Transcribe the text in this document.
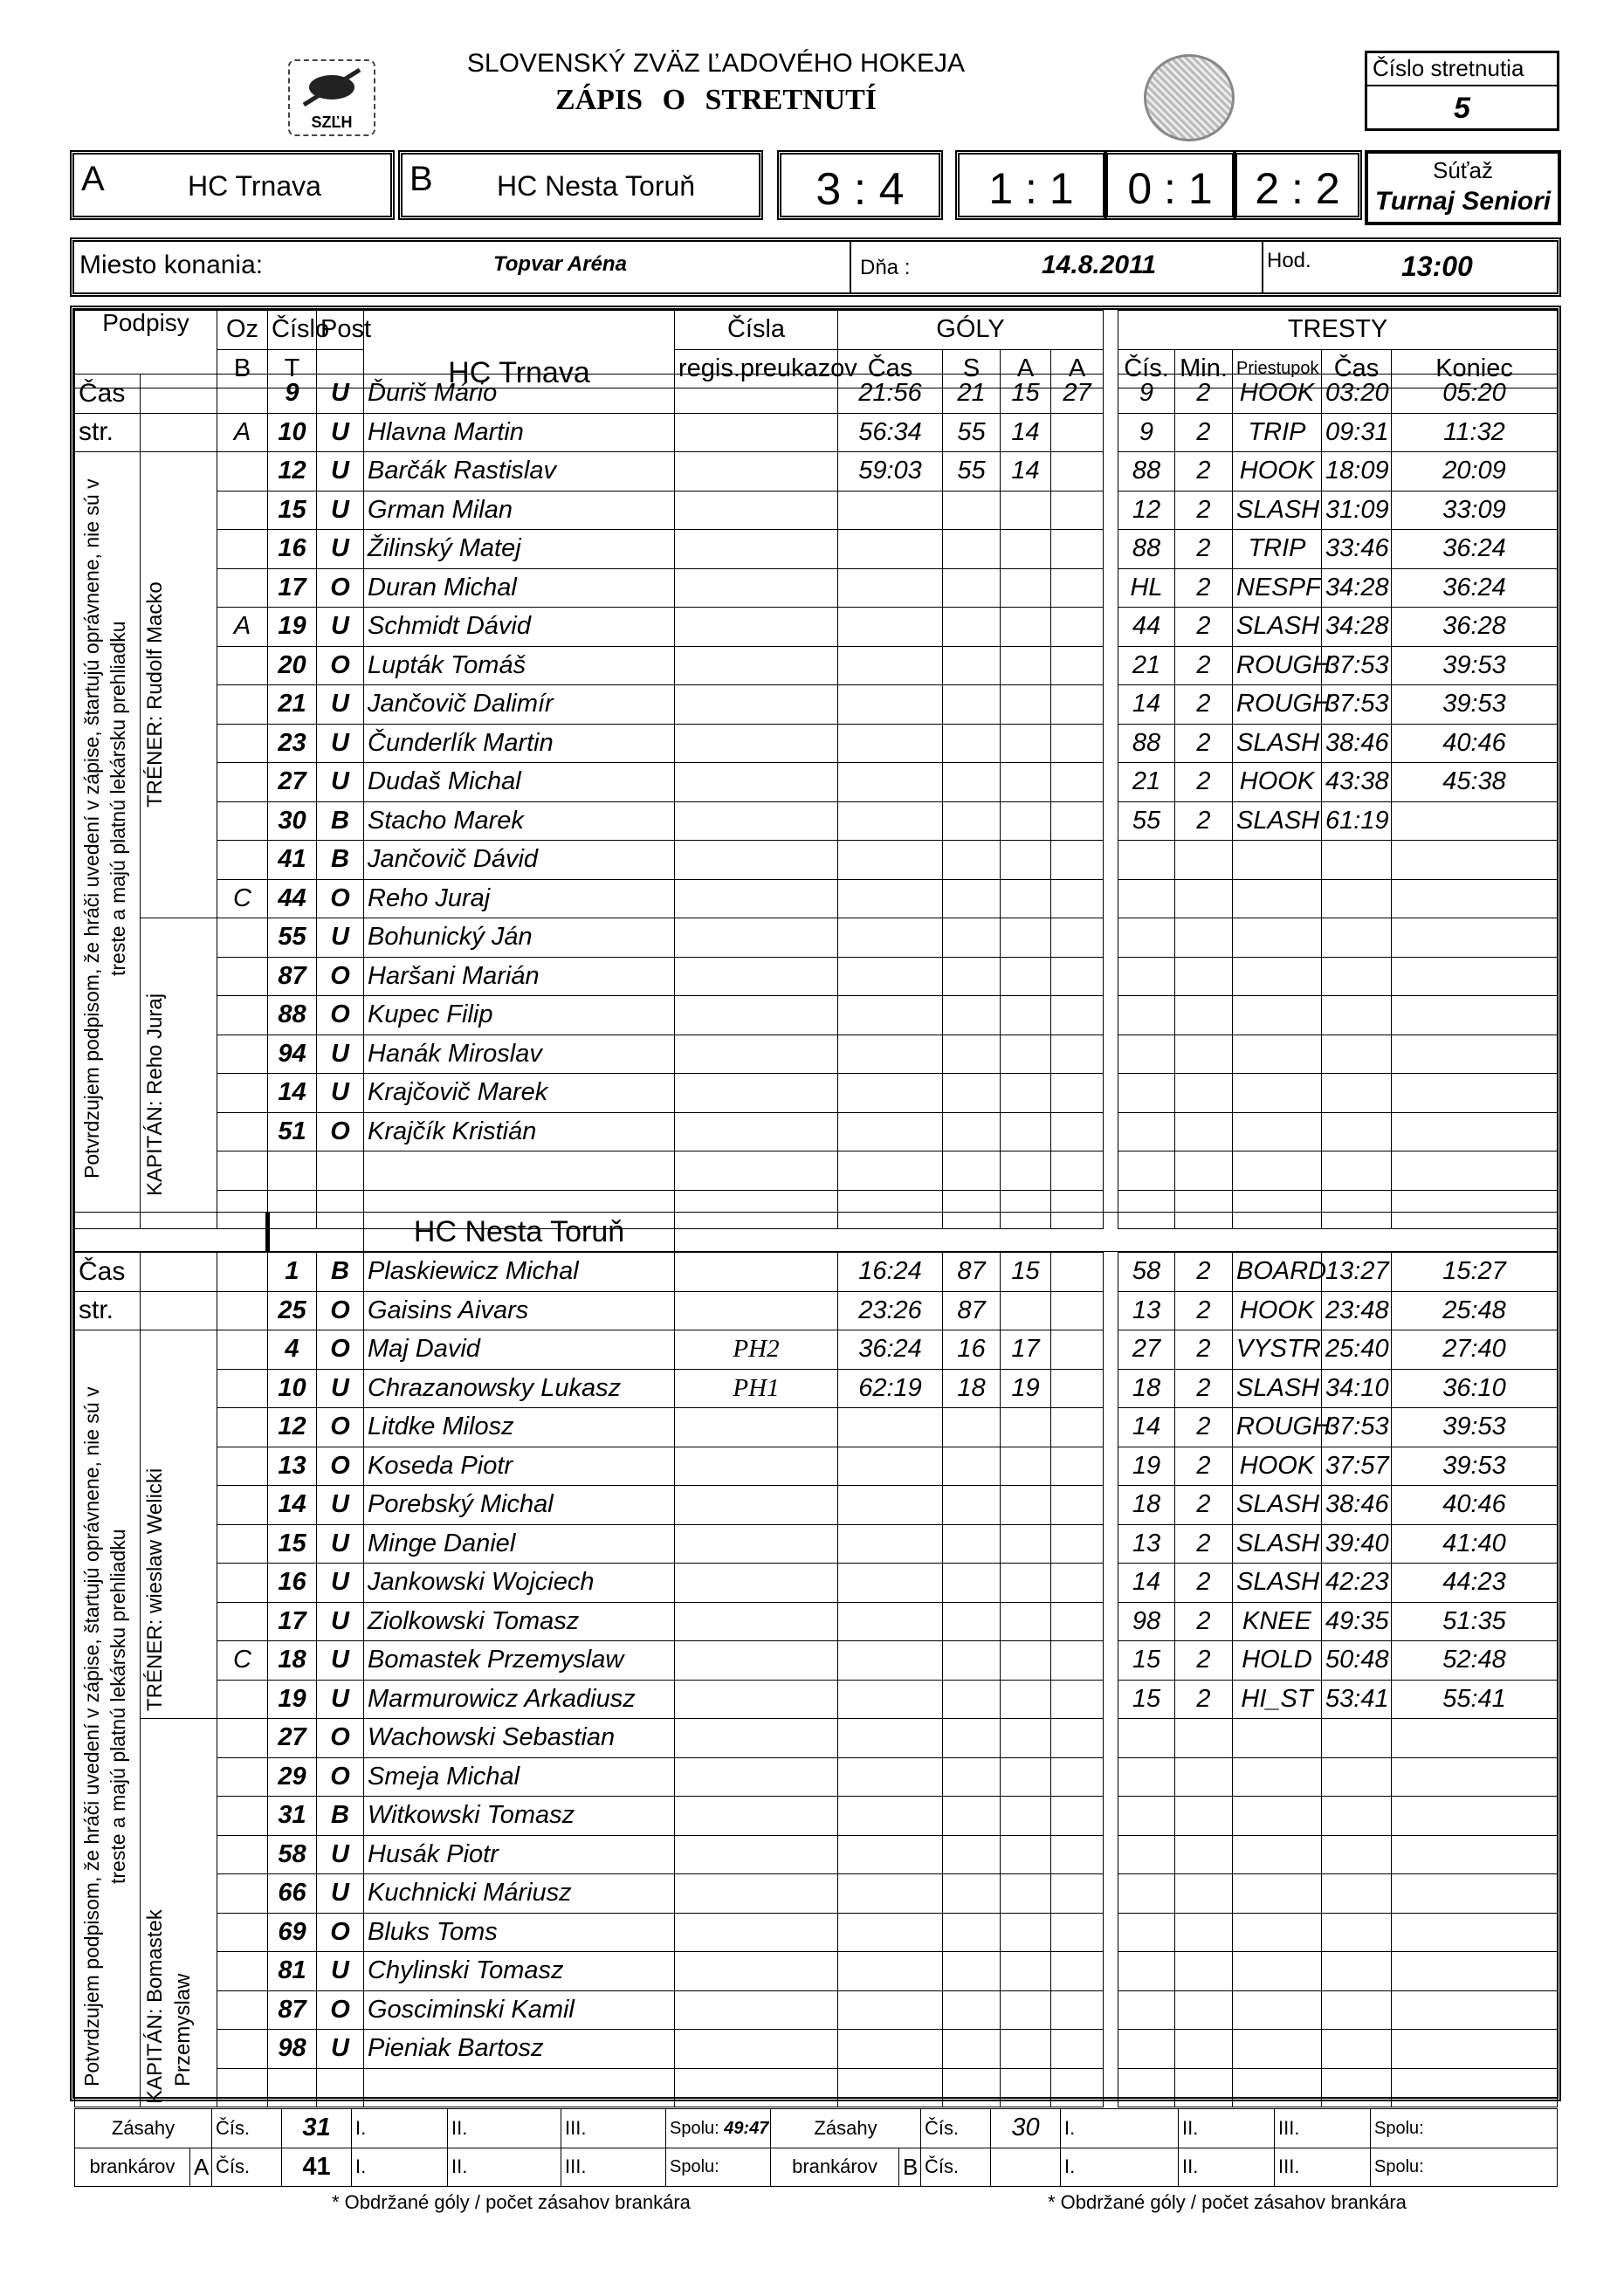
SZĽH
SLOVENSKÝ ZVÄZ ĽADOVÉHO HOKEJA
ZÁPIS O STRETNUTÍ
Číslo stretnutia
5
A	HC Trnava	B HC Nesta Toruň	3 : 4	1 : 1	0 : 1 2 : 2	Súťaž
Turnaj Seniori
Miesto konania:	Topvar Aréna	Dňa :	14.8.2011	Hod.	13:00
Podpisy	Oz	Číslo	Post	HC Trnava	Čísla	GÓLY					TRESTY				
	B	T			regis.preukazov	Čas	S	A	A		Čís.	Min.	Priestupok	Čas	Koniec
Čas			9	U	Ďuriš Mário		21:56	21	15	27		9	2	HOOK	03:20	05:20
str.		A	10	U	Hlavna Martin		56:34	55	14			9	2	TRIP	09:31	11:32
			12	U	Barčák Rastislav		59:03	55	14			88	2	HOOK	18:09	20:09
			15	U	Grman Milan							12	2	SLASH	31:09	33:09
			16	U	Žilinský Matej							88	2	TRIP	33:46	36:24
			17	O	Duran Michal							HL	2	NESPF	34:28	36:24
		A	19	U	Schmidt Dávid							44	2	SLASH	34:28	36:28
			20	O	Lupták Tomáš							21	2	ROUGH	37:53	39:53
			21	U	Jančovič Dalimír							14	2	ROUGH	37:53	39:53
			23	U	Čunderlík Martin							88	2	SLASH	38:46	40:46
			27	U	Dudaš Michal							21	2	HOOK	43:38	45:38
			30	B	Stacho Marek							55	2	SLASH	61:19	
			41	B	Jančovič Dávid											
		C	44	O	Reho Juraj											
			55	U	Bohunický Ján											
			87	O	Haršani Marián											
			88	O	Kupec Filip											
			94	U	Hanák Miroslav											
			14	U	Krajčovič Marek											
			51	O	Krajčík Kristián											

		HC Nesta Toruň	
Čas			1	B	Plaskiewicz Michal		16:24	87	15			58	2	BOARD	13:27	15:27
str.			25	O	Gaisins Aivars		23:26	87				13	2	HOOK	23:48	25:48
			4	O	Maj David	PH2	36:24	16	17			27	2	VYSTR	25:40	27:40
			10	U	Chrazanowsky Lukasz	PH1	62:19	18	19			18	2	SLASH	34:10	36:10
			12	O	Litdke Milosz							14	2	ROUGH	37:53	39:53
			13	O	Koseda Piotr							19	2	HOOK	37:57	39:53
			14	U	Porebský Michal							18	2	SLASH	38:46	40:46
			15	U	Minge Daniel							13	2	SLASH	39:40	41:40
			16	U	Jankowski Wojciech							14	2	SLASH	42:23	44:23
			17	U	Ziolkowski Tomasz							98	2	KNEE	49:35	51:35
		C	18	U	Bomastek Przemyslaw							15	2	HOLD	50:48	52:48
			19	U	Marmurowicz Arkadiusz							15	2	HI_ST	53:41	55:41
			27	O	Wachowski Sebastian											
			29	O	Smeja Michal											
			31	B	Witkowski Tomasz											
			58	U	Husák Piotr											
			66	U	Kuchnicki Máriusz											
			69	O	Bluks Toms											
			81	U	Chylinski Tomasz											
			87	O	Gosciminski Kamil											
			98	U	Pieniak Bartosz											

Potvrdzujem podpisom, že hráči uvedení v zápise, štartujú oprávnene, nie sú v treste a majú platnú lekársku prehliadku TRÉNER: Rudolf Macko
KAPITÁN: Reho Juraj
Potvrdzujem podpisom, že hráči uvedení v zápise, štartujú oprávnene, nie sú v treste a majú platnú lekársku prehliadku TRÉNER: wieslaw Welicki
KAPITÁN: Bomastek Przemyslaw
Zásahy		Čís.	31	I.	II.	III.	Spolu: 49:47	Zásahy		Čís.	30	I.	II.	III.	Spolu:
brankárov	A	Čís.	41	I.	II.	III.	Spolu:	brankárov	B	Čís.		I.	II.	III.	Spolu:
* Obdržané góly / počet zásahov brankára	* Obdržané góly / počet zásahov brankára
